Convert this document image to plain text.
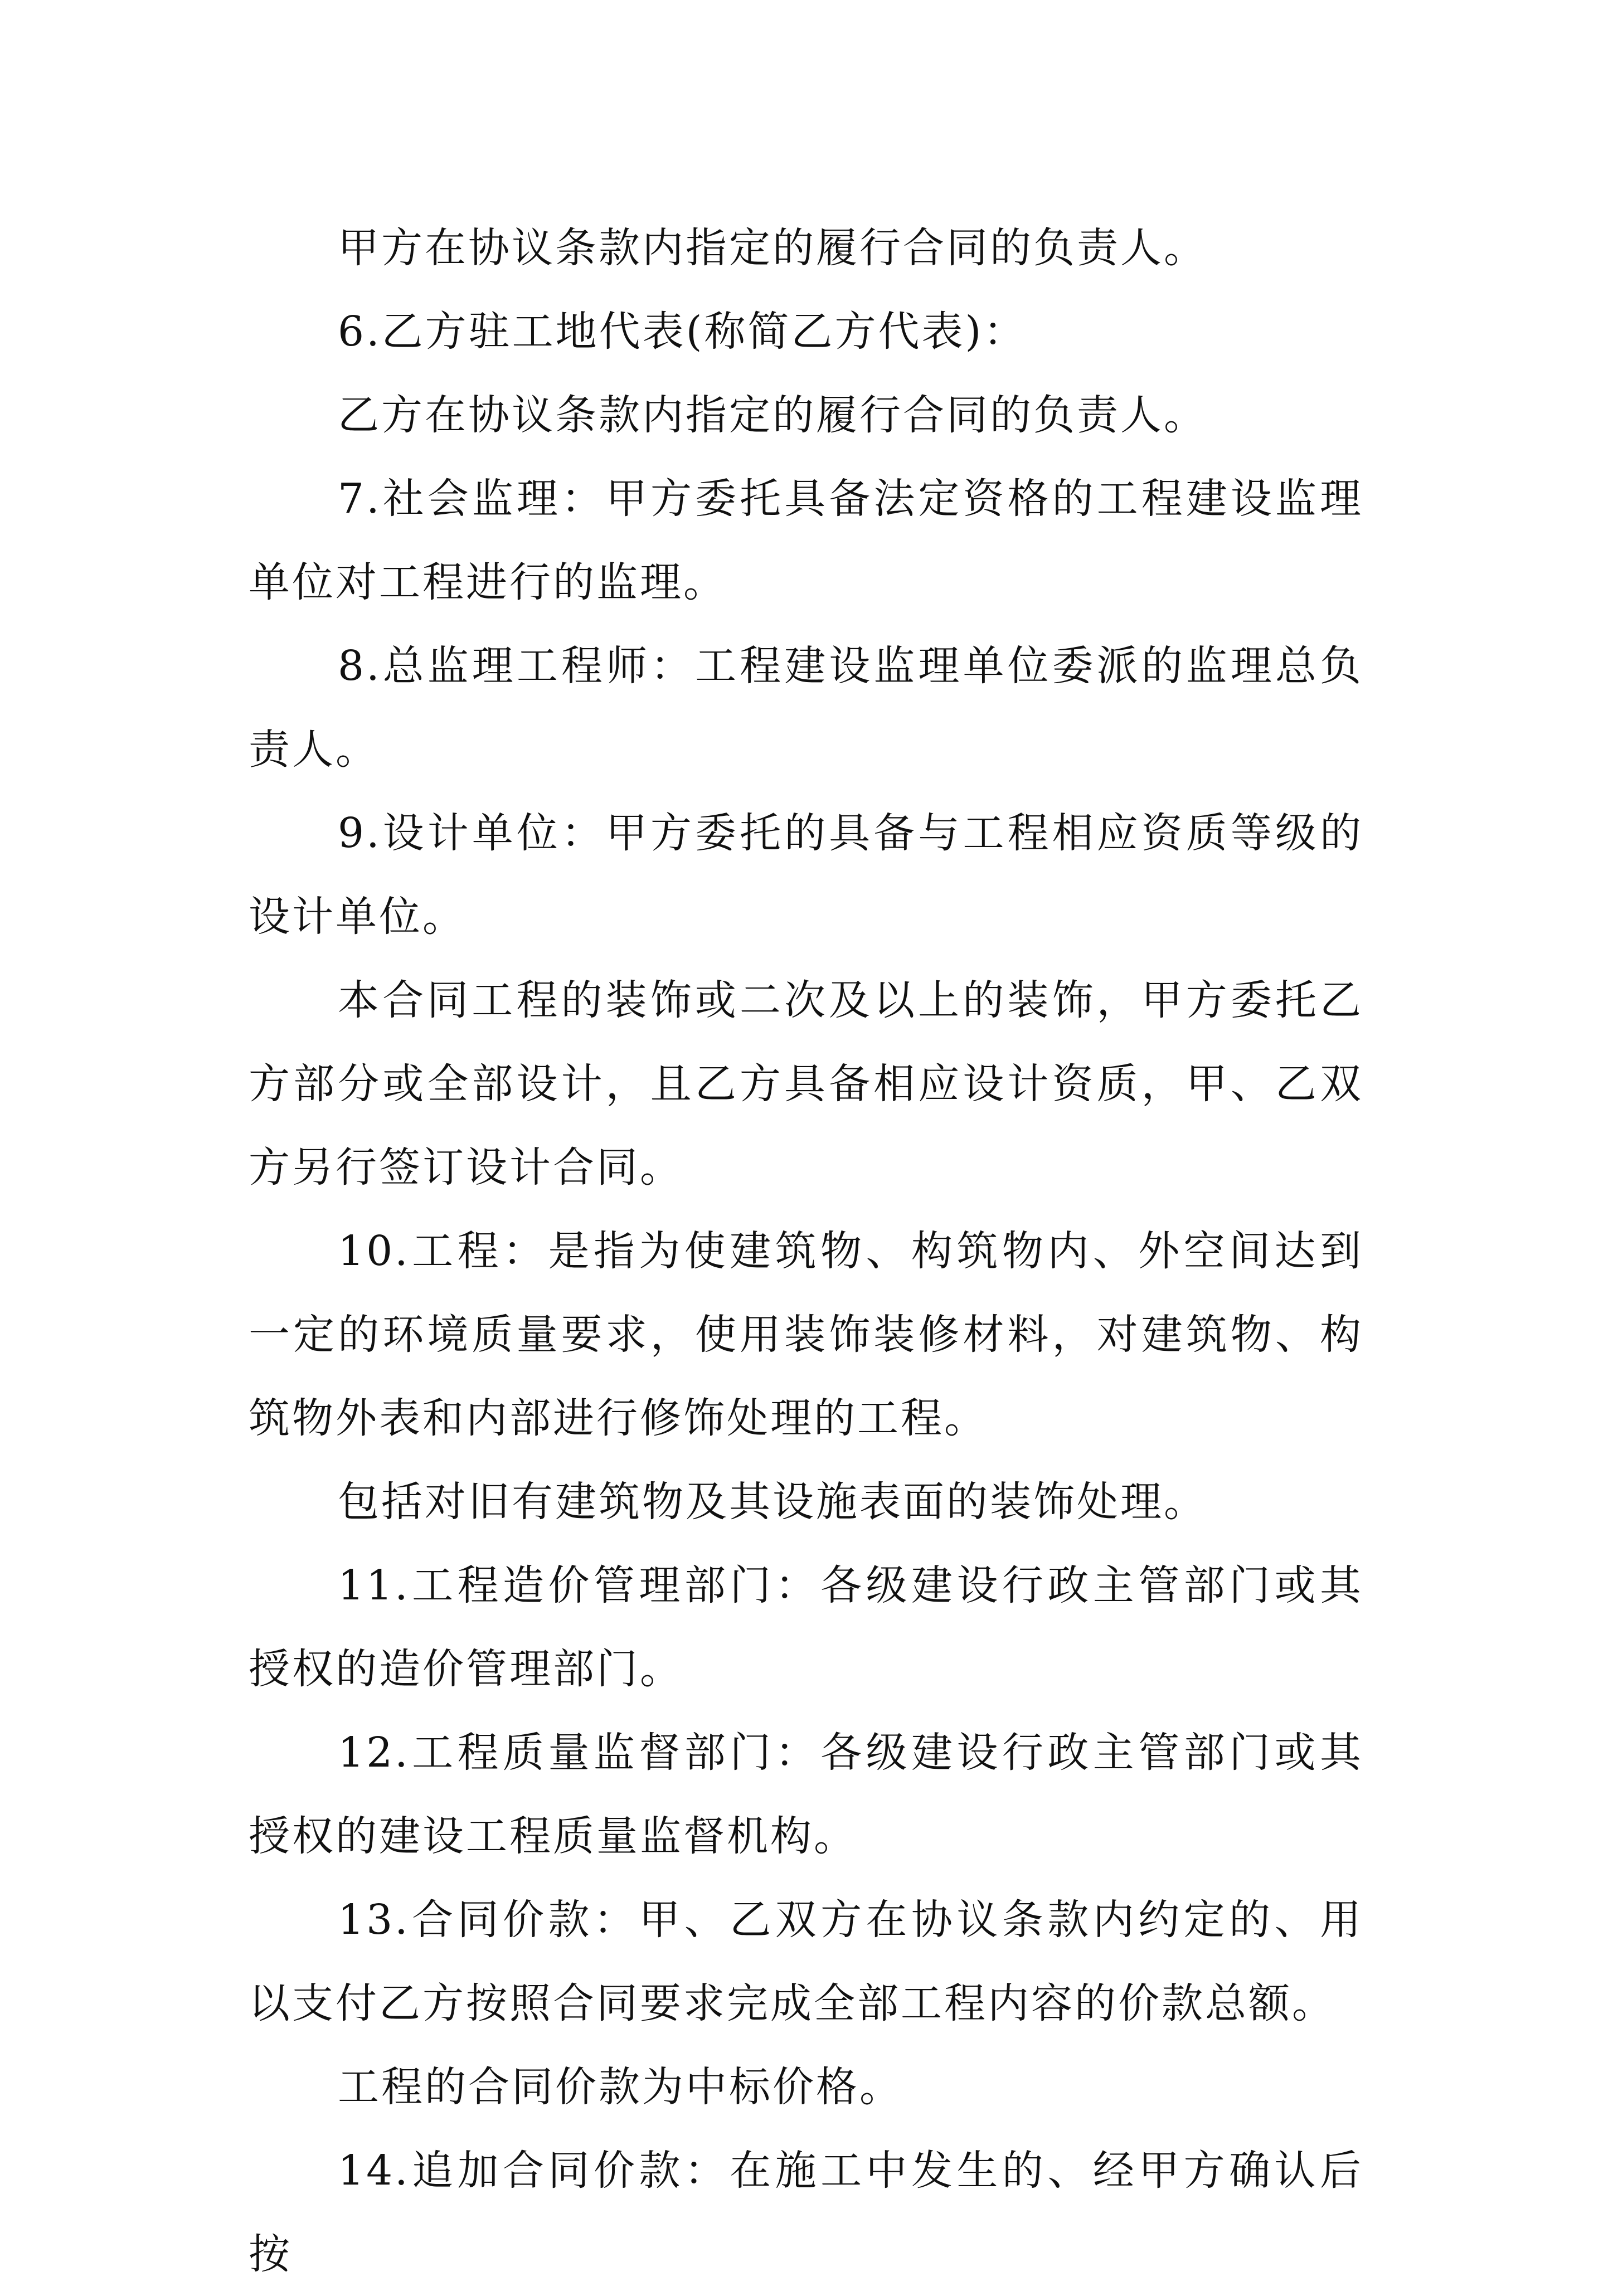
甲方在协议条款内指定的履行合同的负责人。

6.乙方驻工地代表(称简乙方代表)：

乙方在协议条款内指定的履行合同的负责人。

7.社会监理：甲方委托具备法定资格的工程建设监理单位对工程进行的监理。

8.总监理工程师：工程建设监理单位委派的监理总负责人。

9.设计单位：甲方委托的具备与工程相应资质等级的设计单位。

本合同工程的装饰或二次及以上的装饰，甲方委托乙方部分或全部设计，且乙方具备相应设计资质，甲、乙双方另行签订设计合同。

10.工程：是指为使建筑物、构筑物内、外空间达到一定的环境质量要求，使用装饰装修材料，对建筑物、构筑物外表和内部进行修饰处理的工程。

包括对旧有建筑物及其设施表面的装饰处理。

11.工程造价管理部门：各级建设行政主管部门或其授权的造价管理部门。

12.工程质量监督部门：各级建设行政主管部门或其授权的建设工程质量监督机构。

13.合同价款：甲、乙双方在协议条款内约定的、用以支付乙方按照合同要求完成全部工程内容的价款总额。

工程的合同价款为中标价格。

14.追加合同价款：在施工中发生的、经甲方确认后按
